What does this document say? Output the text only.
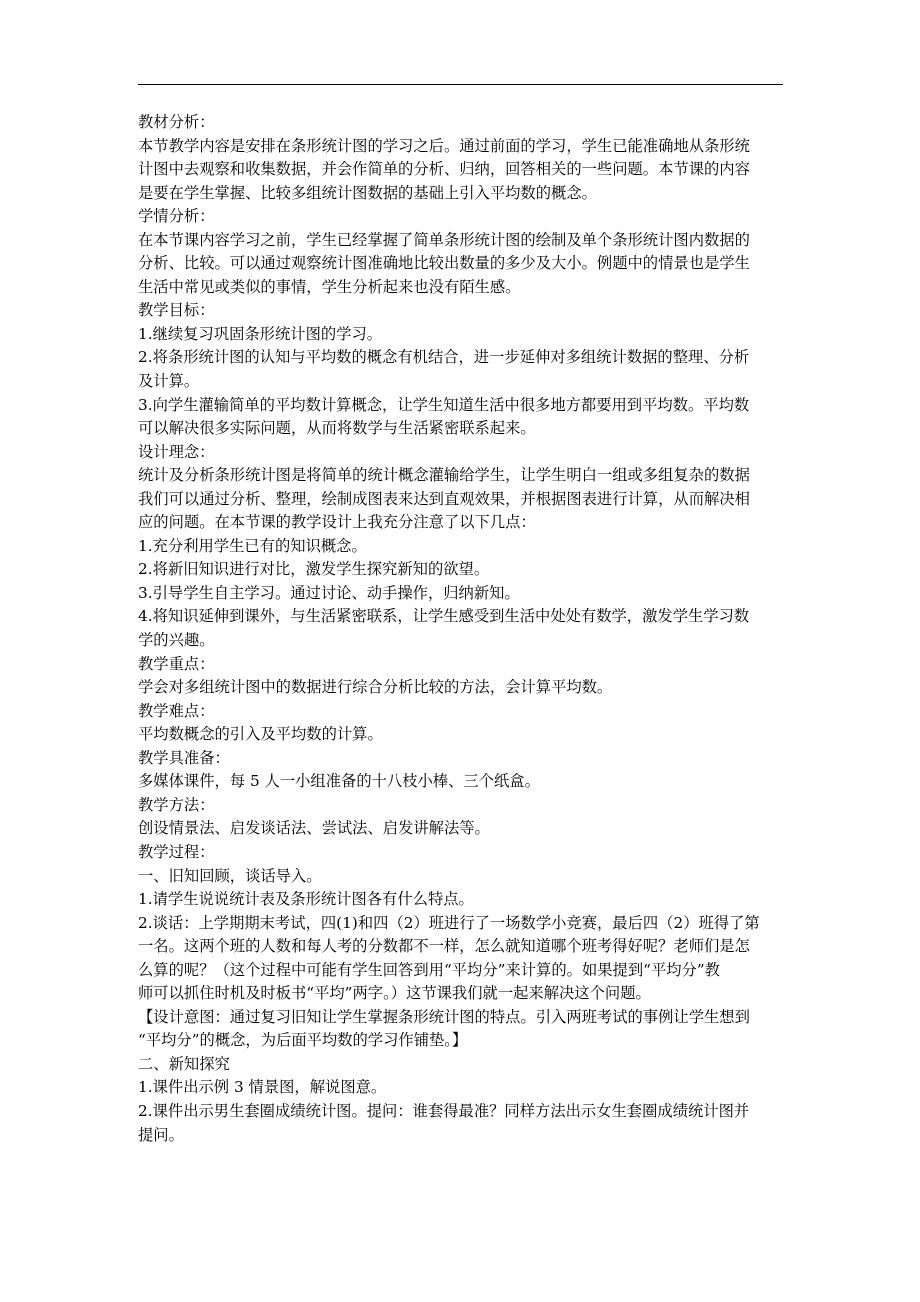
教材分析：
本节教学内容是安排在条形统计图的学习之后。通过前面的学习，学生已能准确地从条形统
计图中去观察和收集数据，并会作简单的分析、归纳，回答相关的一些问题。本节课的内容
是要在学生掌握、比较多组统计图数据的基础上引入平均数的概念。
学情分析：
在本节课内容学习之前，学生已经掌握了简单条形统计图的绘制及单个条形统计图内数据的
分析、比较。可以通过观察统计图准确地比较出数量的多少及大小。例题中的情景也是学生
生活中常见或类似的事情，学生分析起来也没有陌生感。
教学目标：
1.继续复习巩固条形统计图的学习。
2.将条形统计图的认知与平均数的概念有机结合，进一步延伸对多组统计数据的整理、分析
及计算。
3.向学生灌输简单的平均数计算概念，让学生知道生活中很多地方都要用到平均数。平均数
可以解决很多实际问题，从而将数学与生活紧密联系起来。
设计理念：
统计及分析条形统计图是将简单的统计概念灌输给学生，让学生明白一组或多组复杂的数据
我们可以通过分析、整理，绘制成图表来达到直观效果，并根据图表进行计算，从而解决相
应的问题。在本节课的教学设计上我充分注意了以下几点：
1.充分利用学生已有的知识概念。
2.将新旧知识进行对比，激发学生探究新知的欲望。
3.引导学生自主学习。通过讨论、动手操作，归纳新知。
4.将知识延伸到课外，与生活紧密联系，让学生感受到生活中处处有数学，激发学生学习数
学的兴趣。
教学重点：
学会对多组统计图中的数据进行综合分析比较的方法，会计算平均数。
教学难点：
平均数概念的引入及平均数的计算。
教学具准备：
多媒体课件，每 5 人一小组准备的十八枝小棒、三个纸盒。
教学方法：
创设情景法、启发谈话法、尝试法、启发讲解法等。
教学过程：
一、旧知回顾，谈话导入。
1.请学生说说统计表及条形统计图各有什么特点。
2.谈话：上学期期末考试，四(1)和四（2）班进行了一场数学小竞赛，最后四（2）班得了第
一名。这两个班的人数和每人考的分数都不一样，怎么就知道哪个班考得好呢？老师们是怎
么算的呢？（这个过程中可能有学生回答到用“平均分”来计算的。如果提到“平均分”教
师可以抓住时机及时板书“平均”两字。）这节课我们就一起来解决这个问题。
【设计意图：通过复习旧知让学生掌握条形统计图的特点。引入两班考试的事例让学生想到
“平均分”的概念，为后面平均数的学习作铺垫。】
二、新知探究
1.课件出示例 3 情景图，解说图意。
2.课件出示男生套圈成绩统计图。提问：谁套得最准？同样方法出示女生套圈成绩统计图并
提问。
